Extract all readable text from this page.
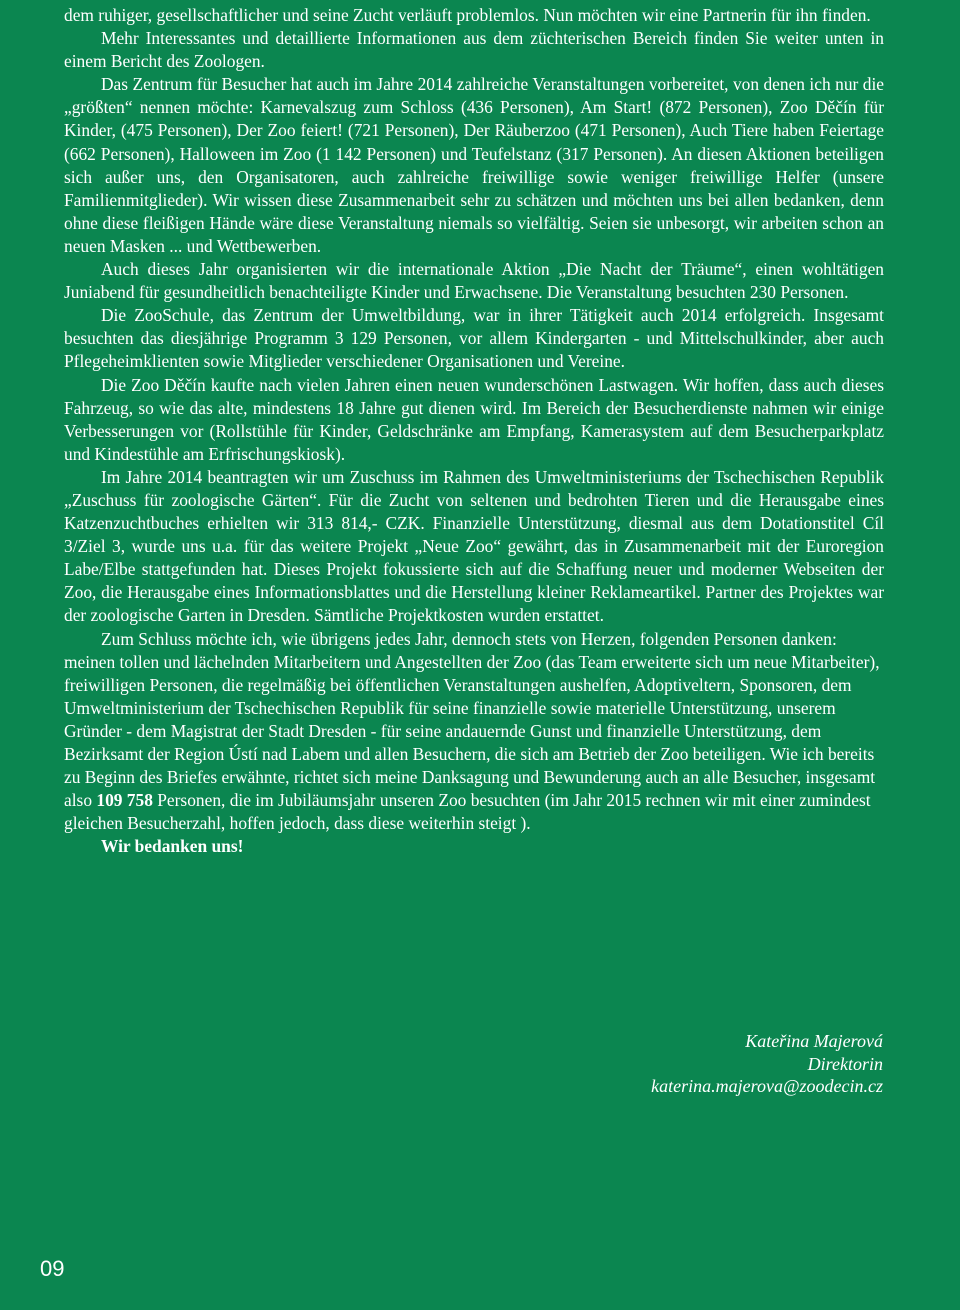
dem ruhiger, gesellschaftlicher und seine Zucht verläuft problemlos. Nun möchten wir eine Partnerin für ihn finden.

Mehr Interessantes und detaillierte Informationen aus dem züchterischen Bereich finden Sie weiter unten in einem Bericht des Zoologen.

Das Zentrum für Besucher hat auch im Jahre 2014 zahlreiche Veranstaltungen vorbereitet, von denen ich nur die „größten“ nennen möchte: Karnevalszug zum Schloss (436 Personen), Am Start! (872 Personen), Zoo Děčín für Kinder, (475 Personen), Der Zoo feiert! (721 Personen), Der Räuberzoo (471 Personen), Auch Tiere haben Feiertage (662 Personen), Halloween im Zoo (1 142 Personen) und Teufelstanz (317 Personen). An diesen Aktionen beteiligen sich außer uns, den Organisatoren, auch zahlreiche freiwillige sowie weniger freiwillige Helfer (unsere Familienmitglieder). Wir wissen diese Zusammenarbeit sehr zu schätzen und möchten uns bei allen bedanken, denn ohne diese fleißigen Hände wäre diese Veranstaltung niemals so vielfältig. Seien sie unbesorgt, wir arbeiten schon an neuen Masken ... und Wettbewerben.

Auch dieses Jahr organisierten wir die internationale Aktion „Die Nacht der Träume“, einen wohltätigen Juniabend für gesundheitlich benachteiligte Kinder und Erwachsene. Die Veranstaltung besuchten 230 Personen.

Die ZooSchule, das Zentrum der Umweltbildung, war in ihrer Tätigkeit auch 2014 erfolgreich. Insgesamt besuchten das diesjährige Programm 3 129 Personen, vor allem Kindergarten - und Mittelschulkinder, aber auch Pflegeheimklienten sowie Mitglieder verschiedener Organisationen und Vereine.

Die Zoo Děčín kaufte nach vielen Jahren einen neuen wunderschönen Lastwagen. Wir hoffen, dass auch dieses Fahrzeug, so wie das alte, mindestens 18 Jahre gut dienen wird. Im Bereich der Besucherdienste nahmen wir einige Verbesserungen vor (Rollstühle für Kinder, Geldschränke am Empfang, Kamerasystem auf dem Besucherparkplatz und Kindestühle am Erfrischungskiosk).

Im Jahre 2014 beantragten wir um Zuschuss im Rahmen des Umweltministeriums der Tschechischen Republik „Zuschuss für zoologische Gärten“. Für die Zucht von seltenen und bedrohten Tieren und die Herausgabe eines Katzenzuchtbuches erhielten wir 313 814,- CZK. Finanzielle Unterstützung, diesmal aus dem Dotationstitel Cíl 3/Ziel 3, wurde uns u.a. für das weitere Projekt „Neue Zoo“ gewährt, das in Zusammenarbeit mit der Euroregion Labe/Elbe stattgefunden hat. Dieses Projekt fokussierte sich auf die Schaffung neuer und moderner Webseiten der Zoo, die Herausgabe eines Informationsblattes und die Herstellung kleiner Reklameartikel. Partner des Projektes war der zoologische Garten in Dresden. Sämtliche Projektkosten wurden erstattet.

Zum Schluss möchte ich, wie übrigens jedes Jahr, dennoch stets von Herzen, folgenden Personen danken: meinen tollen und lächelnden Mitarbeitern und Angestellten der Zoo (das Team erweiterte sich um neue Mitarbeiter), freiwilligen Personen, die regelmäßig bei öffentlichen Veranstaltungen aushelfen, Adoptiveltern, Sponsoren, dem Umweltministerium der Tschechischen Republik für seine finanzielle sowie materielle Unterstützung, unserem Gründer - dem Magistrat der Stadt Dresden - für seine andauernde Gunst und finanzielle Unterstützung, dem Bezirksamt der Region Ústí nad Labem und allen Besuchern, die sich am Betrieb der Zoo beteiligen. Wie ich bereits zu Beginn des Briefes erwähnte, richtet sich meine Danksagung und Bewunderung auch an alle Besucher, insgesamt also 109 758 Personen, die im Jubiläumsjahr unseren Zoo besuchten (im Jahr 2015 rechnen wir mit einer zumindest gleichen Besucherzahl, hoffen jedoch, dass diese weiterhin steigt ).

Wir bedanken uns!

Kateřina Majerová
Direktorin
katerina.majerova@zoodecin.cz
09
